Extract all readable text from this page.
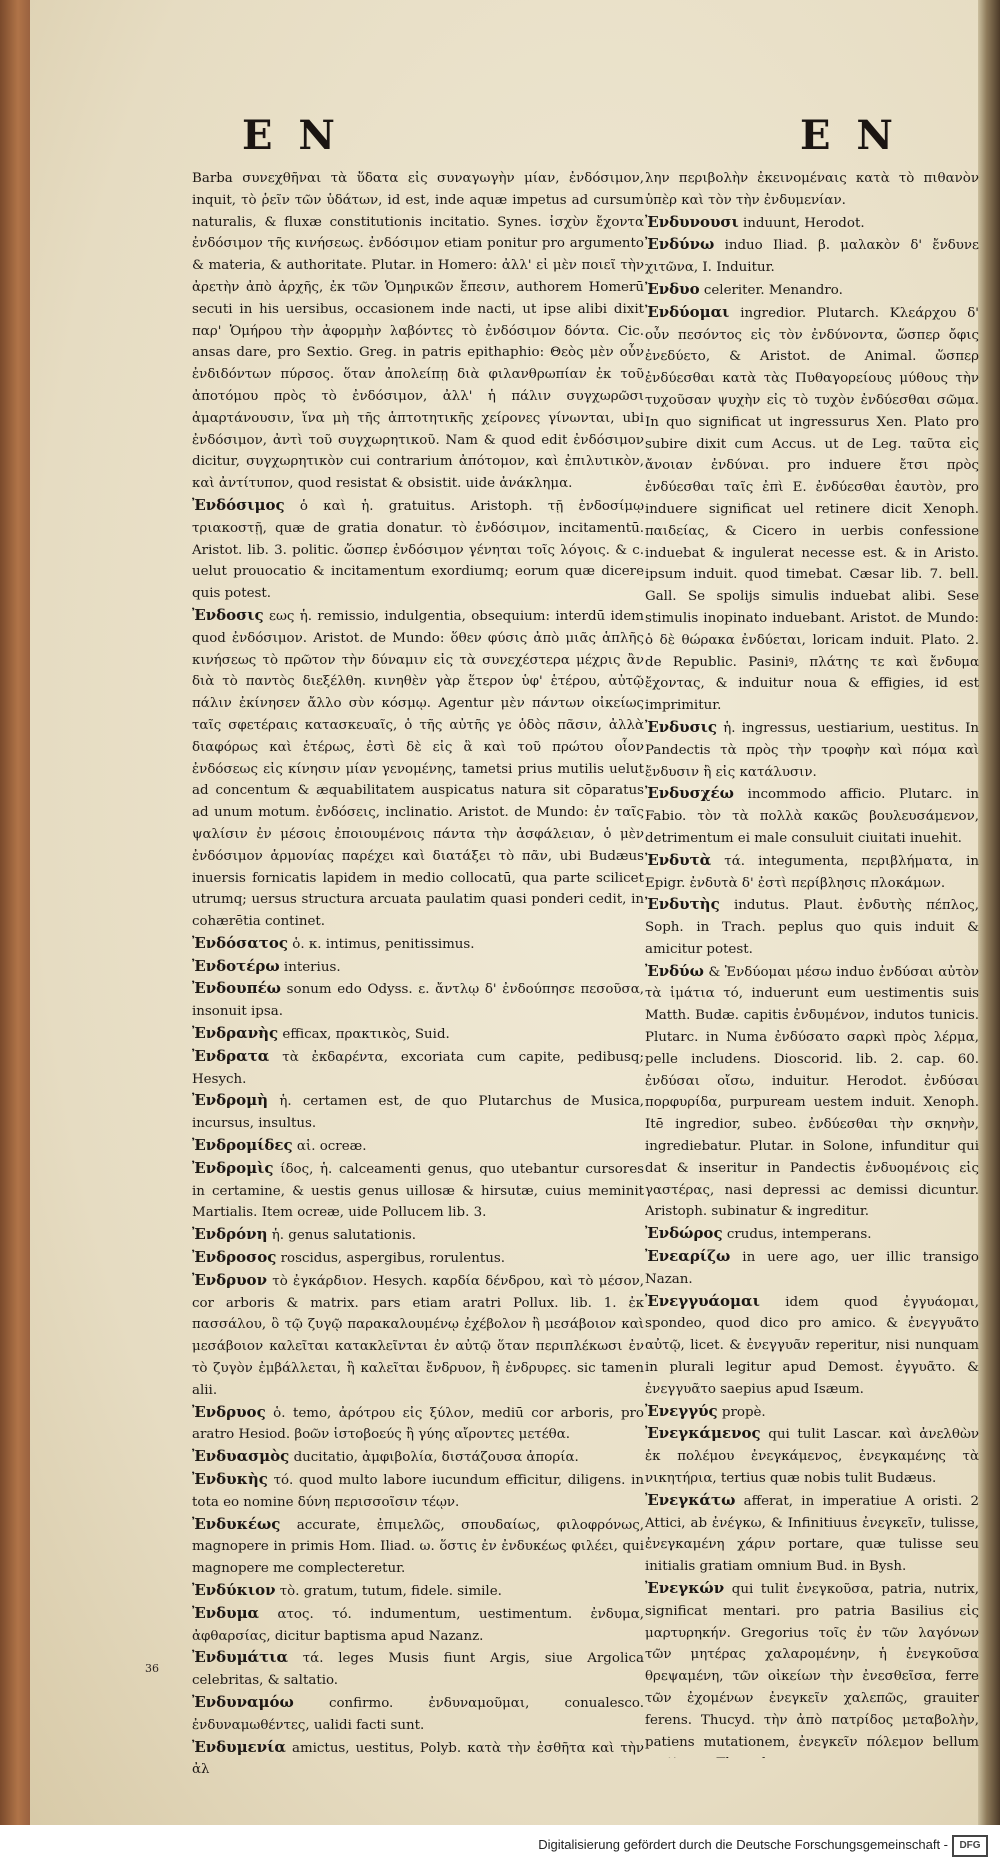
E N	E N

Barba συνεχθῆναι τὰ ὕδατα εἰς συναγωγὴν μίαν, ἐνδόσιμον, inquit, τὸ ῥεῖν τῶν ὑδάτων, id est, inde aquæ impetus ad cursum naturalis, & fluxæ constitutionis incitatio. Synes. ἰσχὺν ἔχοντα ἐνδόσιμον τῆς κινήσεως. ἐνδόσιμον etiam ponitur pro argumento & materia, & authoritate. Plutar. in Homero: ἀλλ' εἰ μὲν ποιεῖ τὴν ἀρετὴν ἀπὸ ἀρχῆς, ἐκ τῶν Ὁμηρικῶν ἔπεσιν, authorem Homerū secuti in his uersibus, occasionem inde nacti, ut ipse alibi dixit παρ' Ὁμήρου τὴν ἀφορμὴν λαβόντες τὸ ἐνδόσιμον δόντα. Cic. ansas dare, pro Sextio. Greg. in patris epithaphio: Θεὸς μὲν οὖν ἐνδιδόντων πύρσος. ὅταν ἀπολείπῃ διὰ φιλανθρωπίαν ἐκ τοῦ ἀποτόμου πρὸς τὸ ἐνδόσιμον, ἀλλ' ἡ πάλιν συγχωρῶσι ἁμαρτάνουσιν, ἵνα μὴ τῆς ἁπτοτητικῆς χείρονες γίνωνται, ubi ἐνδόσιμον, ἀντὶ τοῦ συγχωρητικοῦ. Nam & quod edit ἐνδόσιμον dicitur, συγχωρητικὸν cui contrarium ἀπότομον, καὶ ἐπιλυτικὸν, καὶ ἀντίτυπον, quod resistat & obsistit. uide ἀνάκλημα.

Ἐνδόσιμος ὁ καὶ ἡ. gratuitus. Aristoph. τῇ ἐνδοσίμῳ τριακοστῇ, quæ de gratia donatur. τὸ ἐνδόσιμον, incitamentū. Aristot. lib. 3. politic. ὥσπερ ἐνδόσιμον γένηται τοῖς λόγοις. & c. uelut prouocatio & incitamentum exordiumq; eorum quæ dicere quis potest.

Ἐνδοσις εως ἡ. remissio, indulgentia, obsequium: interdū idem quod ἐνδόσιμον. Aristot. de Mundo: ὅθεν φύσις ἀπὸ μιᾶς ἁπλῆς κινήσεως τὸ πρῶτον τὴν δύναμιν εἰς τὰ συνεχέστερα μέχρις ἂν διὰ τὸ παντὸς διεξέλθη. κινηθὲν γὰρ ἕτερον ὑφ' ἑτέρου, αὐτῷ πάλιν ἐκίνησεν ἄλλο σὺν κόσμῳ. Agentur μὲν πάντων οἰκείως ταῖς σφετέραις κατασκευαῖς, ὁ τῆς αὐτῆς γε ὁδὸς πᾶσιν, ἀλλὰ διαφόρως καὶ ἑτέρως, ἐστὶ δὲ εἰς ἃ καὶ τοῦ πρώτου οἷον ἐνδόσεως εἰς κίνησιν μίαν γενομένης, tametsi prius mutilis uelut ad concentum & æquabilitatem auspicatus natura sit cōparatus ad unum motum. ἐνδόσεις, inclinatio. Aristot. de Mundo: ἐν ταῖς ψαλίσιν ἐν μέσοις ἐποιουμένοις πάντα τὴν ἀσφάλειαν, ὁ μὲν ἐνδόσιμον ἁρμονίας παρέχει καὶ διατάξει τὸ πᾶν, ubi Budæus inuersis fornicatis lapidem in medio collocatū, qua parte scilicet utrumq; uersus structura arcuata paulatim quasi ponderi cedit, in cohærētia continet.

Ἐνδόσατος ὁ. κ. intimus, penitissimus.

Ἐνδοτέρω interius.

Ἐνδουπέω sonum edo Odyss. ε. ἄντλῳ δ' ἐνδούπησε πεσοῦσα, insonuit ipsa.

Ἐνδρανὴς efficax, πρακτικὸς, Suid.

Ἐνδρατα τὰ ἐκδαρέντα, excoriata cum capite, pedibusq; Hesych.

Ἐνδρομὴ ἡ. certamen est, de quo Plutarchus de Musica, incursus, insultus.

Ἐνδρομίδες αἱ. ocreæ.

Ἐνδρομὶς ίδος, ἡ. calceamenti genus, quo utebantur cursores in certamine, & uestis genus uillosæ & hirsutæ, cuius meminit Martialis. Item ocreæ, uide Pollucem lib. 3.

Ἐνδρόνη ἡ. genus salutationis.

Ἐνδροσος roscidus, aspergibus, rorulentus.

Ἐνδρυον τὸ ἐγκάρδιον. Hesych. καρδία δένδρου, καὶ τὸ μέσον, cor arboris & matrix. pars etiam aratri Pollux. lib. 1. ἐκ πασσάλου, ὃ τῷ ζυγῷ παρακαλουμένῳ ἐχέβολον ἢ μεσάβοιον καὶ μεσάβοιον καλεῖται κατακλεῖνται ἐν αὐτῷ ὅταν περιπλέκωσι ἐν τὸ ζυγὸν ἐμβάλλεται, ἢ καλεῖται ἔνδρυον, ἢ ἐνδρυρες. sic tamen alii.

Ἐνδρυος ὁ. temo, ἀρότρου εἰς ξύλον, mediū cor arboris, pro aratro Hesiod. βοῶν ἱστοβοεύς ἢ γύης αἴροντες μετέθα.

Ἐνδυασμὸς ducitatio, ἀμφιβολία, διστάζουσα ἀπορία.

Ἐνδυκὴς τό. quod multo labore iucundum efficitur, diligens. in tota eo nomine δύνη περισσοῖσιν τέῳν.

Ἐνδυκέως accurate, ἐπιμελῶς, σπουδαίως, φιλοφρόνως, magnopere in primis Hom. Iliad. ω. ὅστις ἐν ἐνδυκέως φιλέει, qui magnopere me complecteretur.

Ἐνδύκιον τὸ. gratum, tutum, fidele. simile.

Ἐνδυμα ατος. τό. indumentum, uestimentum. ἐνδυμα, ἀφθαρσίας, dicitur baptisma apud Nazanz.

Ἐνδυμάτια τά. leges Musis fiunt Argis, siue Argolica celebritas, & saltatio.

Ἐνδυναμόω	confirmo. ἐνδυναμοῦμαι, conualesco. ἐνδυναμωθέντες, ualidi facti sunt.

Ἐνδυμενία amictus, uestitus, Polyb. κατὰ τὴν ἐσθῆτα καὶ τὴν ἀλ

λην περιβολὴν ἐκεινομέναις κατὰ τὸ πιθανὸν ὑπὲρ καὶ τὸν τὴν ἐνδυμενίαν.

Ἐνδυνουσι induunt, Herodot.

Ἐνδύνω induo Iliad. β. μαλακὸν δ' ἔνδυνε χιτῶνα, I. Induitur.

Ἐνδυο celeriter. Menandro.

Ἐνδύομαι ingredior. Plutarch. Κλεάρχου δ' οὖν πεσόντος εἰς τὸν ἐνδύνοντα, ὥσπερ ὄφις ἐνεδύετο, & Aristot. de Animal. ὥσπερ ἐνδύεσθαι κατὰ τὰς Πυθαγορείους μύθους τὴν τυχοῦσαν ψυχὴν εἰς τὸ τυχὸν ἐνδύεσθαι σῶμα. In quo significat ut ingressurus Xen. Plato pro subire dixit cum Accus. ut de Leg. ταῦτα εἰς ἄνοιαν ἐνδύναι. pro induere ἔτσι πρὸς ἐνδύεσθαι ταῖς ἐπὶ E. ἐνδύεσθαι ἑαυτὸν, pro induere significat uel retinere dicit Xenoph. παιδείας, & Cicero in uerbis confessione induebat & ingulerat necesse est. & in Aristo. ipsum induit. quod timebat. Cæsar lib. 7. bell. Gall. Se spolijs simulis induebat alibi. Sese stimulis inopinato induebant. Aristot. de Mundo: ὁ δὲ θώρακα ἐνδύεται, loricam induit. Plato. 2. de Republic. Pasiniꝰ, πλάτης τε καὶ ἔνδυμα ἔχοντας, & induitur noua & effigies, id est imprimitur.

Ἐνδυσις ἡ. ingressus, uestiarium, uestitus. In Pandectis τὰ πρὸς τὴν τροφὴν καὶ πόμα καὶ ἔνδυσιν ἢ εἰς κατάλυσιν.

Ἐνδυσχέω incommodo afficio. Plutarc. in Fabio. τὸν τὰ πολλὰ κακῶς βουλευσάμενον, detrimentum ei male consuluit ciuitati inuehit.

Ἐνδυτὰ τά. integumenta, περιβλήματα, in Epigr. ἐνδυτὰ δ' ἐστὶ περίβλησις πλοκάμων.

Ἐνδυτὴς indutus. Plaut. ἐνδυτὴς πέπλος, Soph. in Trach. peplus quo quis induit & amicitur potest.

Ἐνδύω & Ἐνδύομαι μέσω induo ἐνδύσαι αὐτὸν τὰ ἱμάτια τό, induerunt eum uestimentis suis Matth. Budæ. capitis ἐνδυμένον, indutos tunicis. Plutarc. in Numa ἐνδύσατο σαρκὶ πρὸς λέρμα, pelle includens. Dioscorid. lib. 2. cap. 60. ἐνδύσαι οἴσω, induitur. Herodot. ἐνδύσαι πορφυρίδα, purpuream uestem induit. Xenoph. Itē ingredior, subeo. ἐνδύεσθαι τὴν σκηνὴν, ingrediebatur. Plutar. in Solone, infunditur qui dat & inseritur in Pandectis ἐνδυομένοις εἰς γαστέρας, nasi depressi ac demissi dicuntur. Aristoph. subinatur & ingreditur.

Ἐνδώρος crudus, intemperans.

Ἐνεαρίζω in uere ago, uer illic transigo Nazan.

Ἐνεγγυάομαι idem quod ἐγγυάομαι, spondeo, quod dico pro amico. & ἐνεγγυᾶτο αὐτῷ, licet. & ἐνεγγυᾶν reperitur, nisi nunquam in plurali legitur apud Demost. ἐγγυᾶτο. & ἐνεγγυᾶτο saepius apud Isæum.

Ἐνεγγύς propè.

Ἐνεγκάμενος qui tulit Lascar. καὶ ἀνελθὼν ἐκ πολέμου ἐνεγκάμενος, ἐνεγκαμένης τὰ νικητήρια, tertius quæ nobis tulit Budæus.

Ἐνεγκάτω afferat, in imperatiue A oristi. 2 Attici, ab ἐνέγκω, & Infinitiuus ἐνεγκεῖν, tulisse, ἐνεγκαμένη χάριν portare, quæ tulisse seu initialis gratiam omnium Bud. in Bysh.

Ἐνεγκών qui tulit ἐνεγκοῦσα, patria, nutrix, significat mentari. pro patria Basilius εἰς μαρτυρηκήν. Gregorius τοῖς ἐν τῶν λαγόνων τῶν μητέρας χαλαρομένην, ἡ ἐνεγκοῦσα θρεψαμένη, τῶν οἰκείων τὴν ἐνεσθεῖσα, ferre τῶν ἐχομένων ἐνεγκεῖν χαλεπῶς, grauiter ferens. Thucyd. τὴν ἀπὸ πατρίδος μεταβολὴν, patiens mutationem, ἐνεγκεῖν πόλεμον bellum

36
Digitalisierung gefördert durch die Deutsche Forschungsgemeinschaft -	DFG
